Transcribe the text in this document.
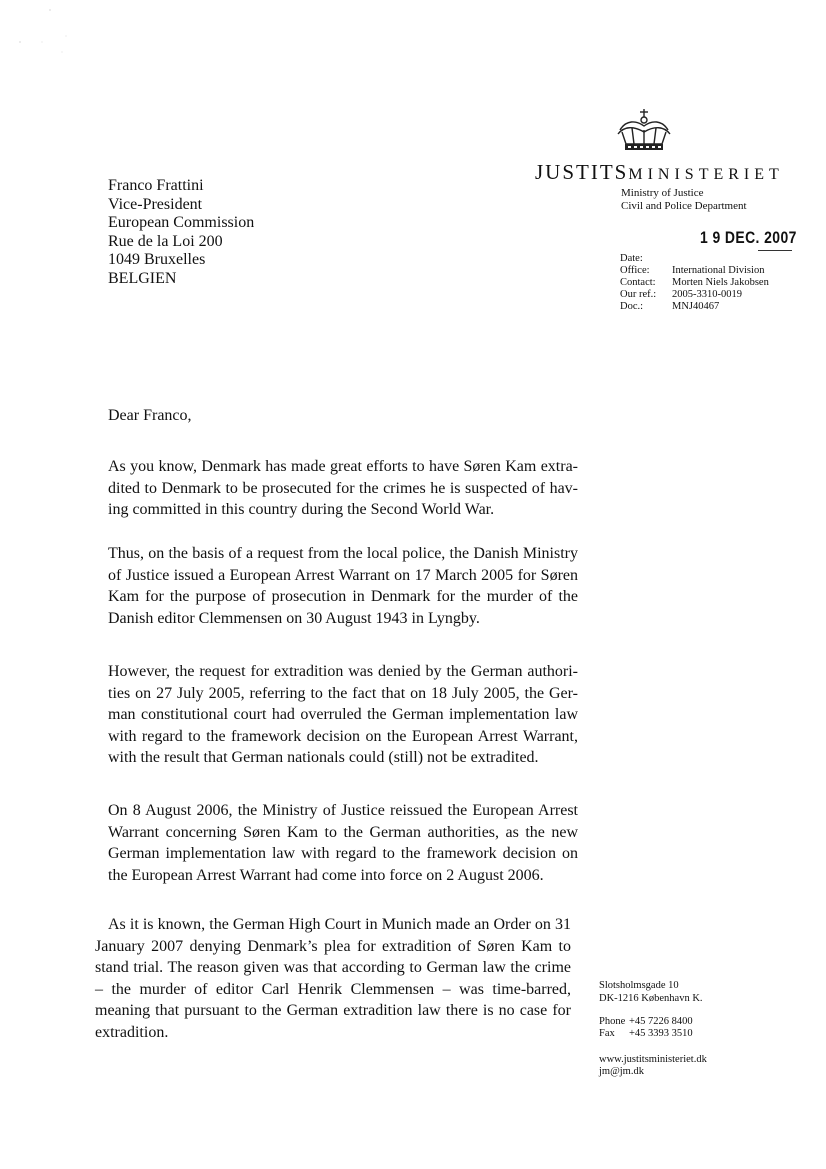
JUSTITSMINISTERIET
Ministry of Justice
Civil and Police Department
Franco Frattini
Vice-President
European Commission
Rue de la Loi 200
1049 Bruxelles
BELGIEN
1 9 DEC. 2007
Date:
Office:	International Division
Contact:	Morten Niels Jakobsen
Our ref.:	2005-3310-0019
Doc.:	MNJ40467
Dear Franco,
As you know, Denmark has made great efforts to have Søren Kam extra-dited to Denmark to be prosecuted for the crimes he is suspected of hav-ing committed in this country during the Second World War.
Thus, on the basis of a request from the local police, the Danish Ministry of Justice issued a European Arrest Warrant on 17 March 2005 for Søren Kam for the purpose of prosecution in Denmark for the murder of the Danish editor Clemmensen on 30 August 1943 in Lyngby.
However, the request for extradition was denied by the German authori-ties on 27 July 2005, referring to the fact that on 18 July 2005, the Ger-man constitutional court had overruled the German implementation law with regard to the framework decision on the European Arrest Warrant, with the result that German nationals could (still) not be extradited.
On 8 August 2006, the Ministry of Justice reissued the European Arrest Warrant concerning Søren Kam to the German authorities, as the new German implementation law with regard to the framework decision on the European Arrest Warrant had come into force on 2 August 2006.
As it is known, the German High Court in Munich made an Order on 31 January 2007 denying Denmark’s plea for extradition of Søren Kam to stand trial. The reason given was that according to German law the crime – the murder of editor Carl Henrik Clemmensen – was time-barred, meaning that pursuant to the German extradition law there is no case for extradition.
Slotsholmsgade 10
DK-1216 København K.
Phone +45 7226 8400
Fax	+45 3393 3510
www.justitsministeriet.dk
jm@jm.dk
